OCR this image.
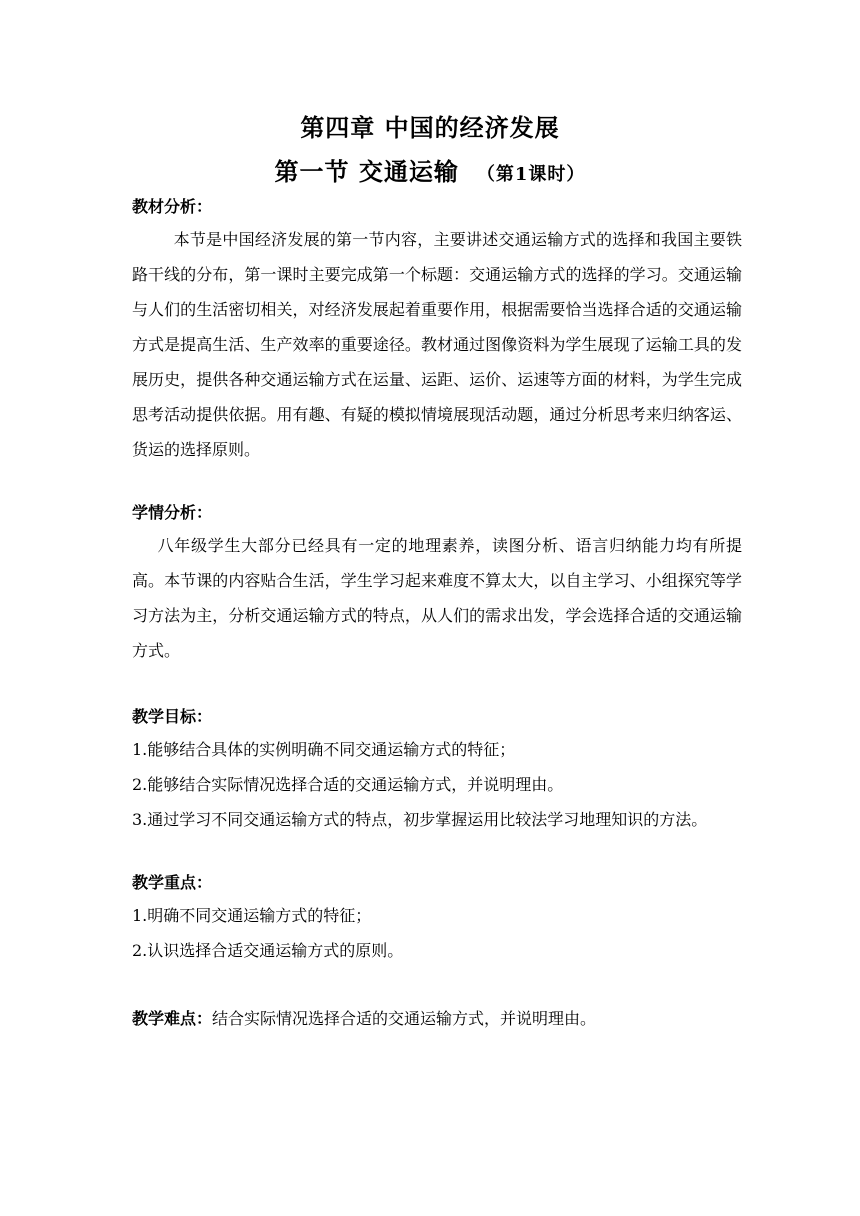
第四章 中国的经济发展
第一节 交通运输 （第1课时）

教材分析：

本节是中国经济发展的第一节内容，主要讲述交通运输方式的选择和我国主要铁路干线的分布，第一课时主要完成第一个标题：交通运输方式的选择的学习。交通运输与人们的生活密切相关，对经济发展起着重要作用，根据需要恰当选择合适的交通运输方式是提高生活、生产效率的重要途径。教材通过图像资料为学生展现了运输工具的发展历史，提供各种交通运输方式在运量、运距、运价、运速等方面的材料，为学生完成思考活动提供依据。用有趣、有疑的模拟情境展现活动题，通过分析思考来归纳客运、货运的选择原则。

学情分析：

八年级学生大部分已经具有一定的地理素养，读图分析、语言归纳能力均有所提高。本节课的内容贴合生活，学生学习起来难度不算太大，以自主学习、小组探究等学习方法为主，分析交通运输方式的特点，从人们的需求出发，学会选择合适的交通运输方式。

教学目标：

1.能够结合具体的实例明确不同交通运输方式的特征；

2.能够结合实际情况选择合适的交通运输方式，并说明理由。

3.通过学习不同交通运输方式的特点，初步掌握运用比较法学习地理知识的方法。

教学重点：

1.明确不同交通运输方式的特征；

2.认识选择合适交通运输方式的原则。

教学难点：结合实际情况选择合适的交通运输方式，并说明理由。
